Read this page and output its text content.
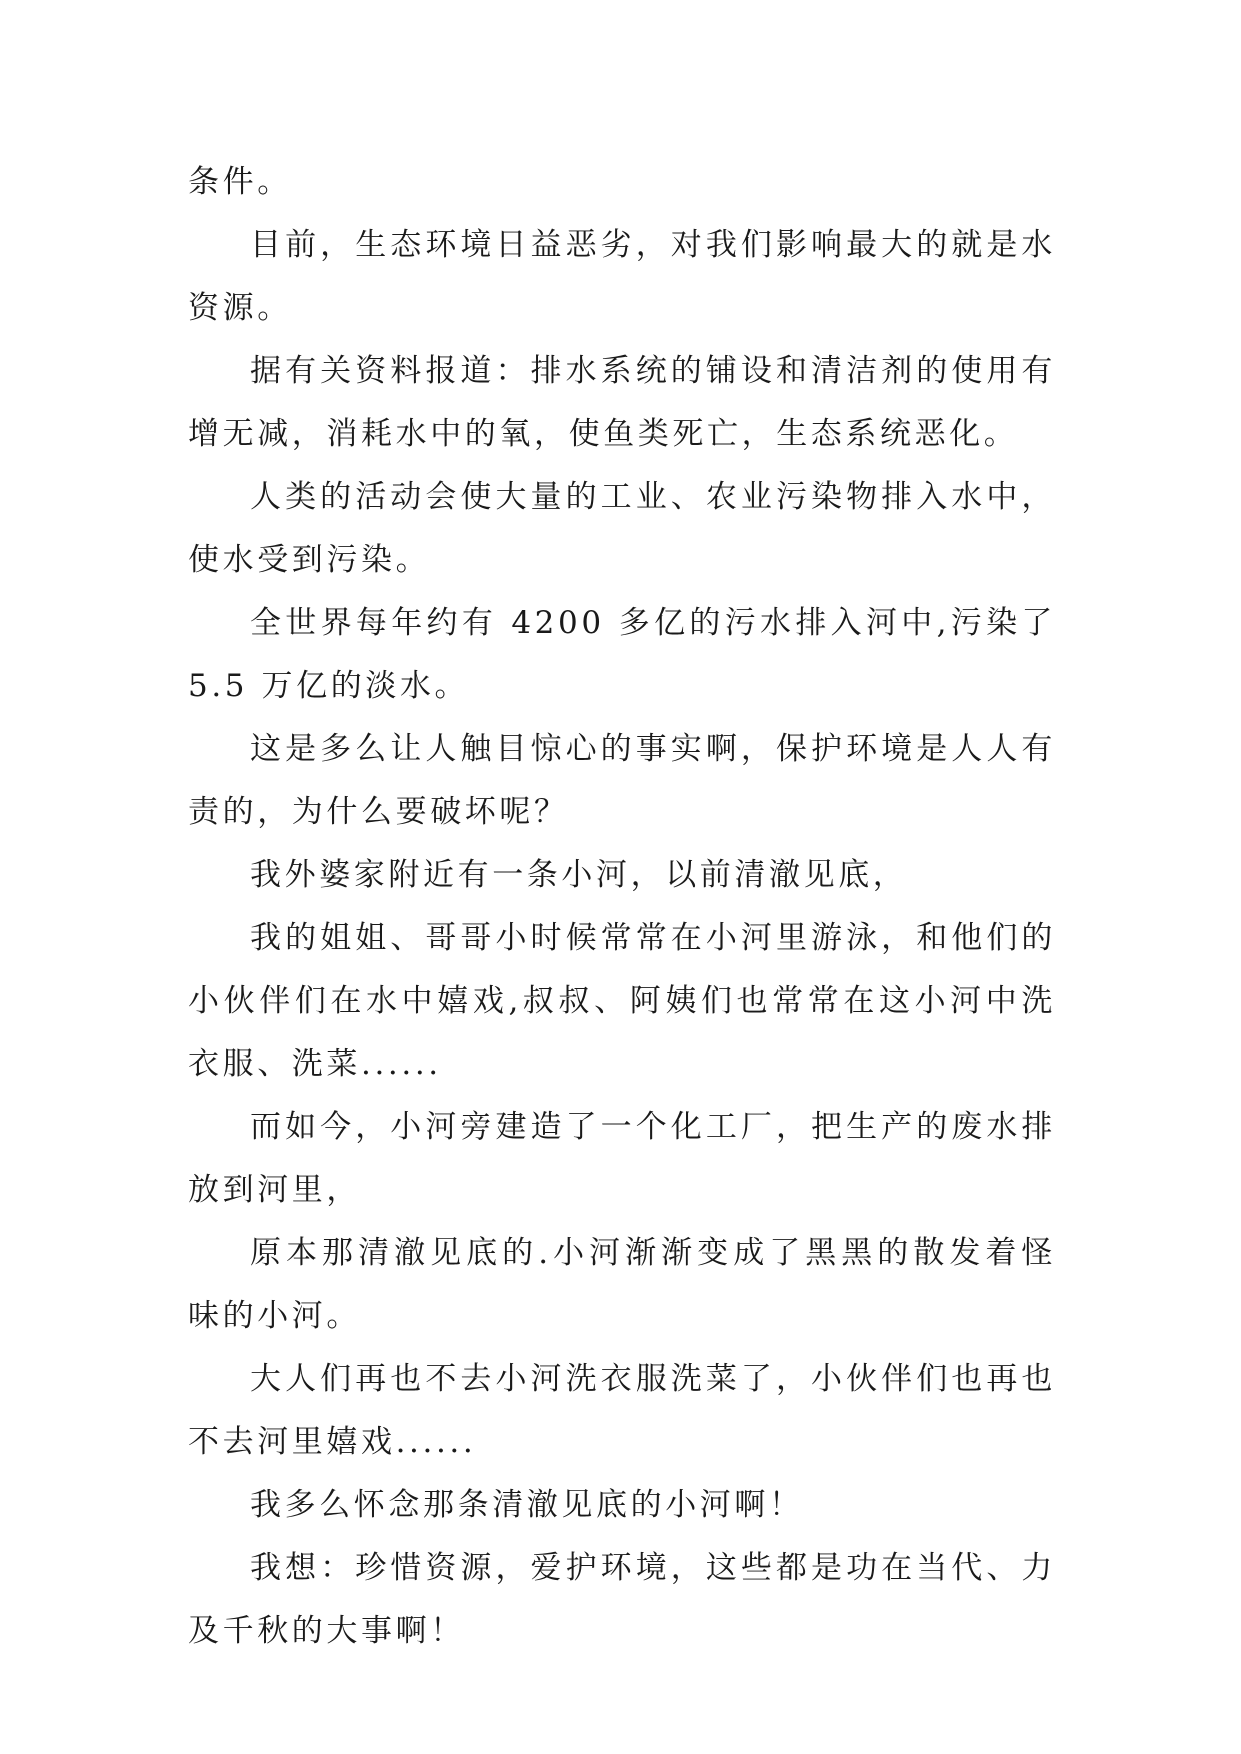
条件。

目前，生态环境日益恶劣，对我们影响最大的就是水资源。

据有关资料报道：排水系统的铺设和清洁剂的使用有增无减，消耗水中的氧，使鱼类死亡，生态系统恶化。

人类的活动会使大量的工业、农业污染物排入水中，使水受到污染。

全世界每年约有 4200 多亿的污水排入河中,污染了 5.5 万亿的淡水。

这是多么让人触目惊心的事实啊，保护环境是人人有责的，为什么要破坏呢？

我外婆家附近有一条小河，以前清澈见底，

我的姐姐、哥哥小时候常常在小河里游泳，和他们的小伙伴们在水中嬉戏,叔叔、阿姨们也常常在这小河中洗衣服、洗菜......

而如今，小河旁建造了一个化工厂，把生产的废水排放到河里，

原本那清澈见底的.小河渐渐变成了黑黑的散发着怪味的小河。

大人们再也不去小河洗衣服洗菜了，小伙伴们也再也不去河里嬉戏......

我多么怀念那条清澈见底的小河啊！

我想：珍惜资源，爱护环境，这些都是功在当代、力及千秋的大事啊！
